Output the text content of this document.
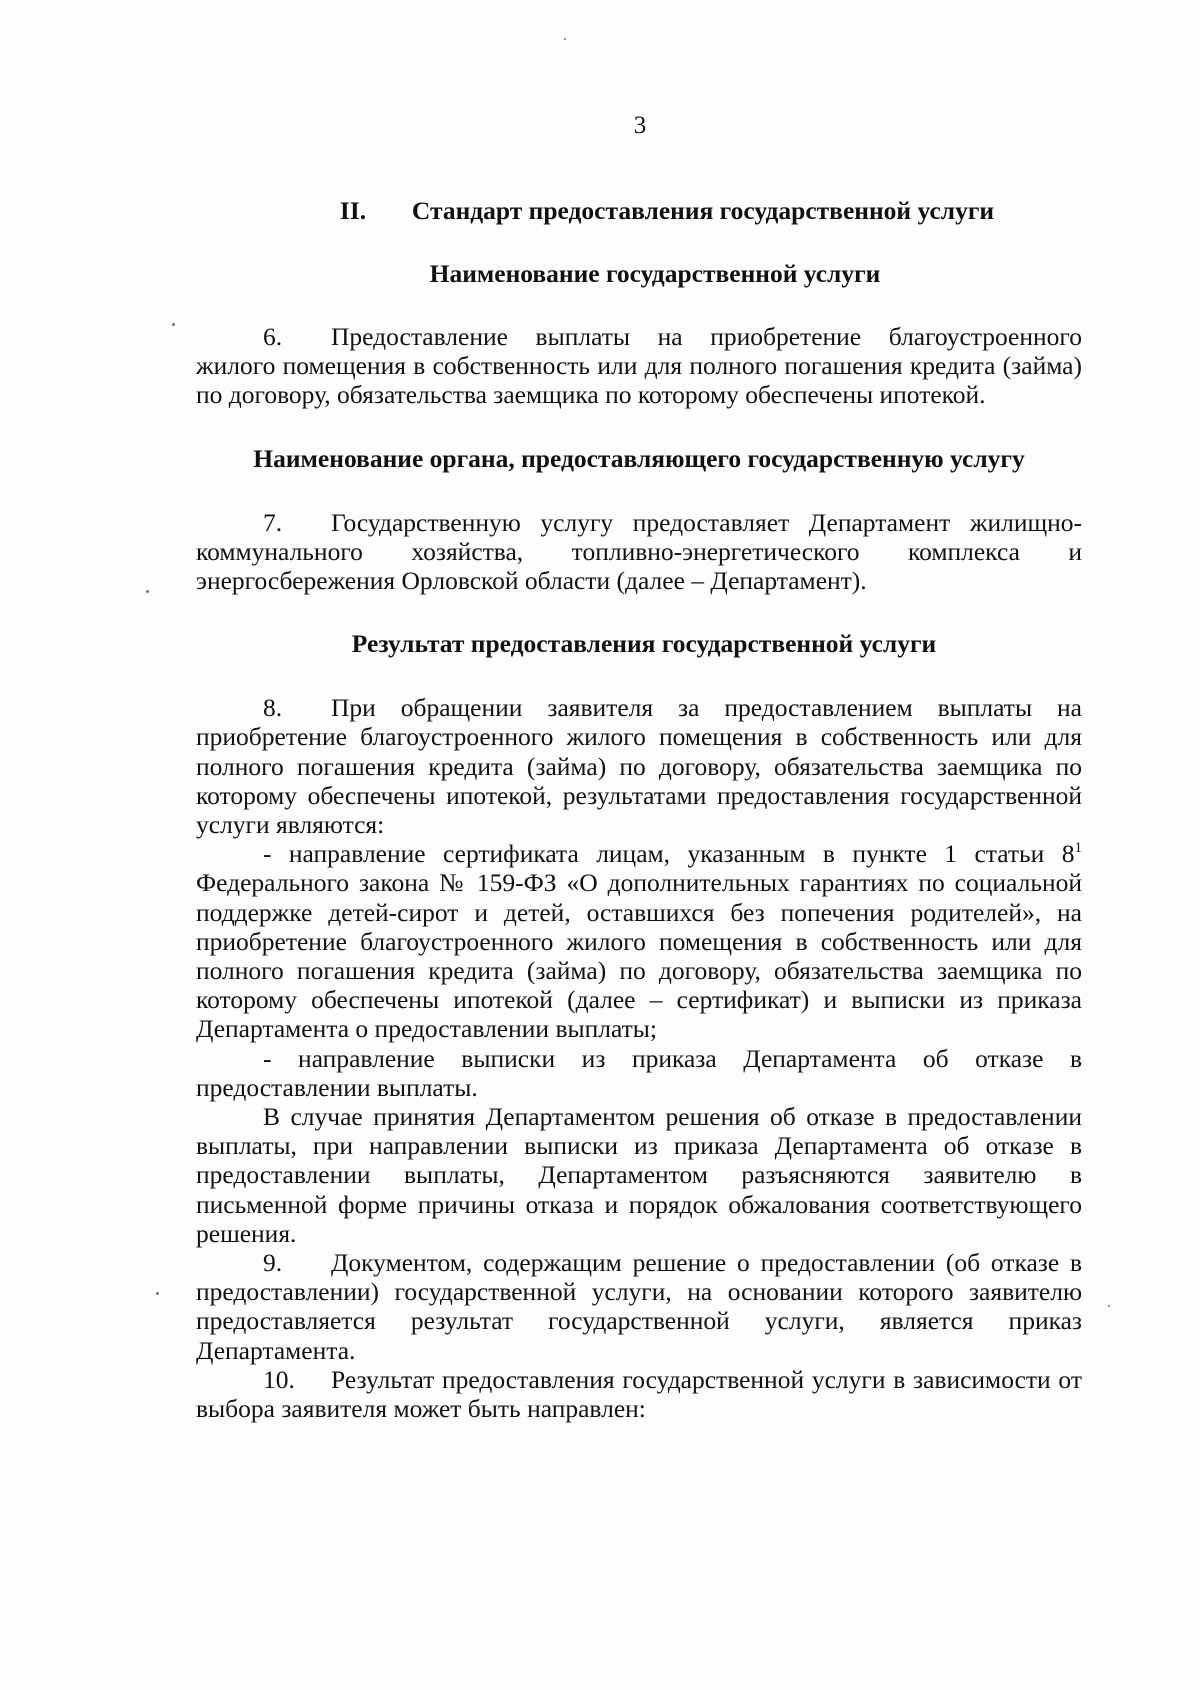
3

II. Стандарт предоставления государственной услуги

Наименование государственной услуги

6. Предоставление выплаты на приобретение благоустроенного жилого помещения в собственность или для полного погашения кредита (займа) по договору, обязательства заемщика по которому обеспечены ипотекой.

Наименование органа, предоставляющего государственную услугу

7. Государственную услугу предоставляет Департамент жилищно-коммунального хозяйства, топливно-энергетического комплекса и энергосбережения Орловской области (далее – Департамент).

Результат предоставления государственной услуги

8. При обращении заявителя за предоставлением выплаты на приобретение благоустроенного жилого помещения в собственность или для полного погашения кредита (займа) по договору, обязательства заемщика по которому обеспечены ипотекой, результатами предоставления государственной услуги являются:

- направление сертификата лицам, указанным в пункте 1 статьи $8^1$ Федерального закона № 159-ФЗ «О дополнительных гарантиях по социальной поддержке детей-сирот и детей, оставшихся без попечения родителей», на приобретение благоустроенного жилого помещения в собственность или для полного погашения кредита (займа) по договору, обязательства заемщика по которому обеспечены ипотекой (далее – сертификат) и выписки из приказа Департамента о предоставлении выплаты;

- направление выписки из приказа Департамента об отказе в предоставлении выплаты.

В случае принятия Департаментом решения об отказе в предоставлении выплаты, при направлении выписки из приказа Департамента об отказе в предоставлении выплаты, Департаментом разъясняются заявителю в письменной форме причины отказа и порядок обжалования соответствующего решения.

9. Документом, содержащим решение о предоставлении (об отказе в предоставлении) государственной услуги, на основании которого заявителю предоставляется результат государственной услуги, является приказ Департамента.

10. Результат предоставления государственной услуги в зависимости от выбора заявителя может быть направлен:
